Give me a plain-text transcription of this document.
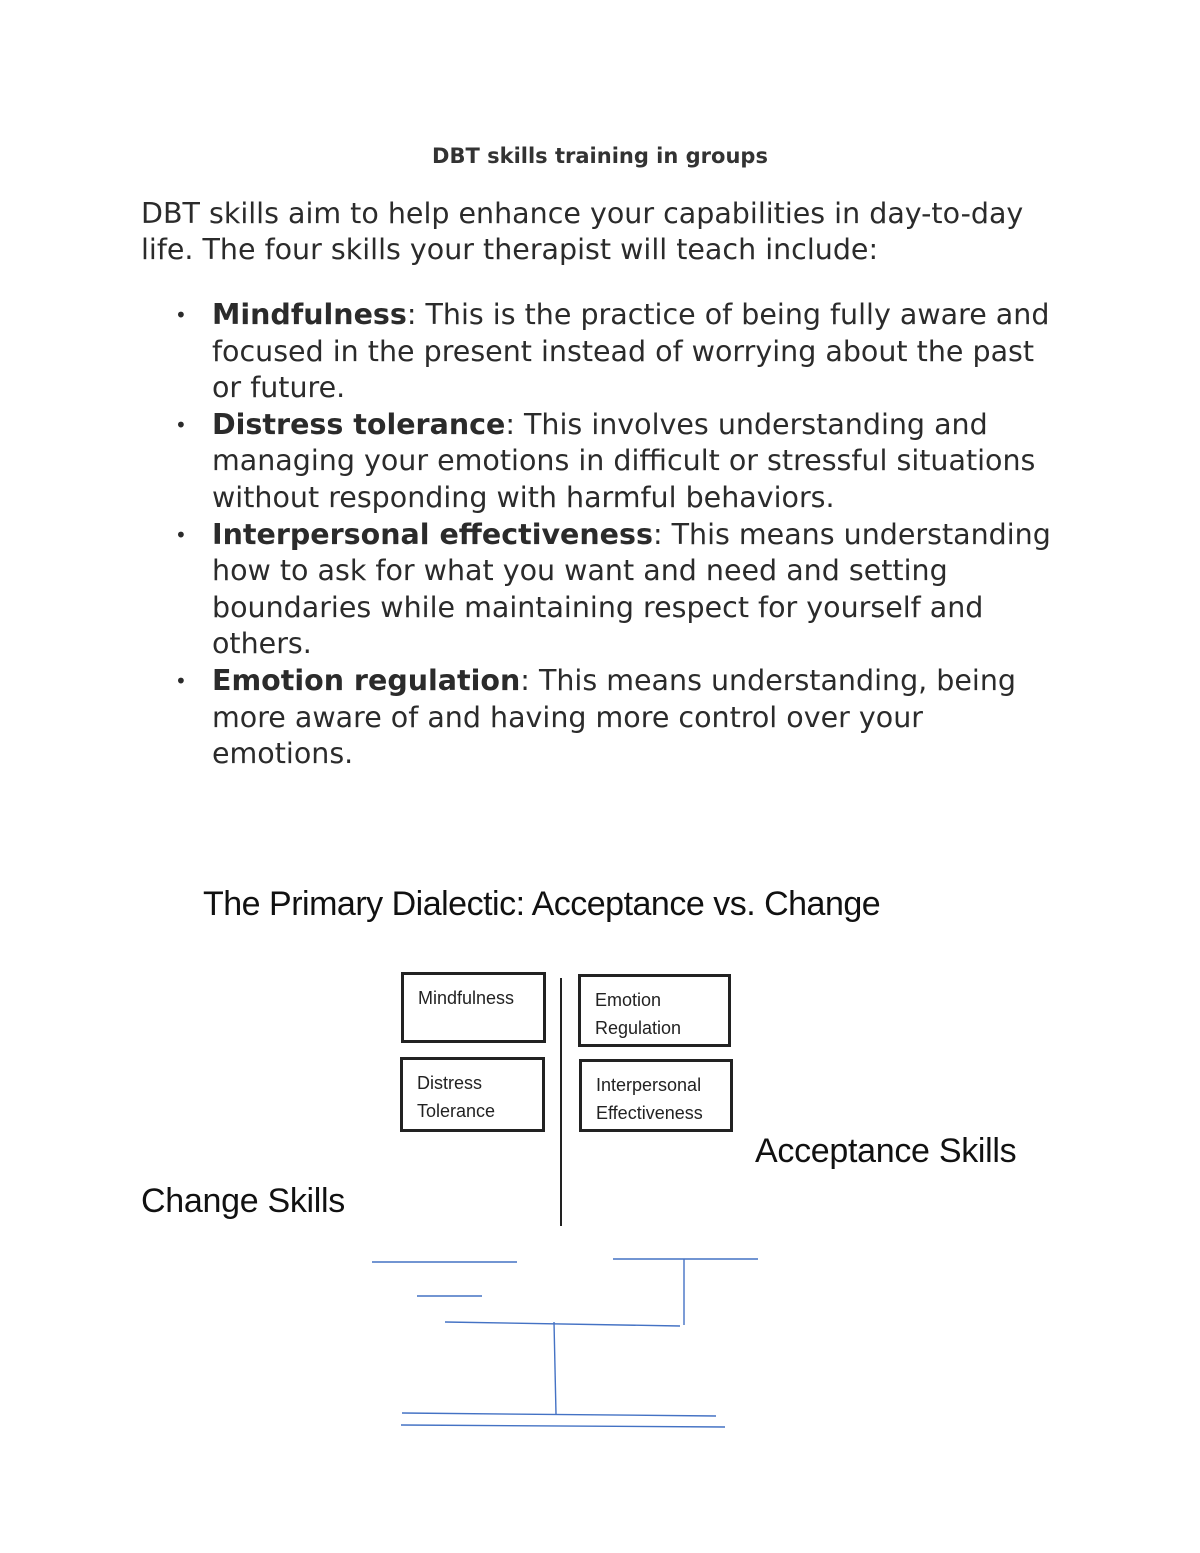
DBT skills training in groups

DBT skills aim to help enhance your capabilities in day-to-day life. The four skills your therapist will teach include:

• Mindfulness: This is the practice of being fully aware and focused in the present instead of worrying about the past or future.
• Distress tolerance: This involves understanding and managing your emotions in difficult or stressful situations without responding with harmful behaviors.
• Interpersonal effectiveness: This means understanding how to ask for what you want and need and setting boundaries while maintaining respect for yourself and others.
• Emotion regulation: This means understanding, being more aware of and having more control over your emotions.
The Primary Dialectic: Acceptance vs. Change
Mindfulness
Distress
Tolerance
Emotion
Regulation
Interpersonal
Effectiveness
Acceptance Skills
Change Skills
